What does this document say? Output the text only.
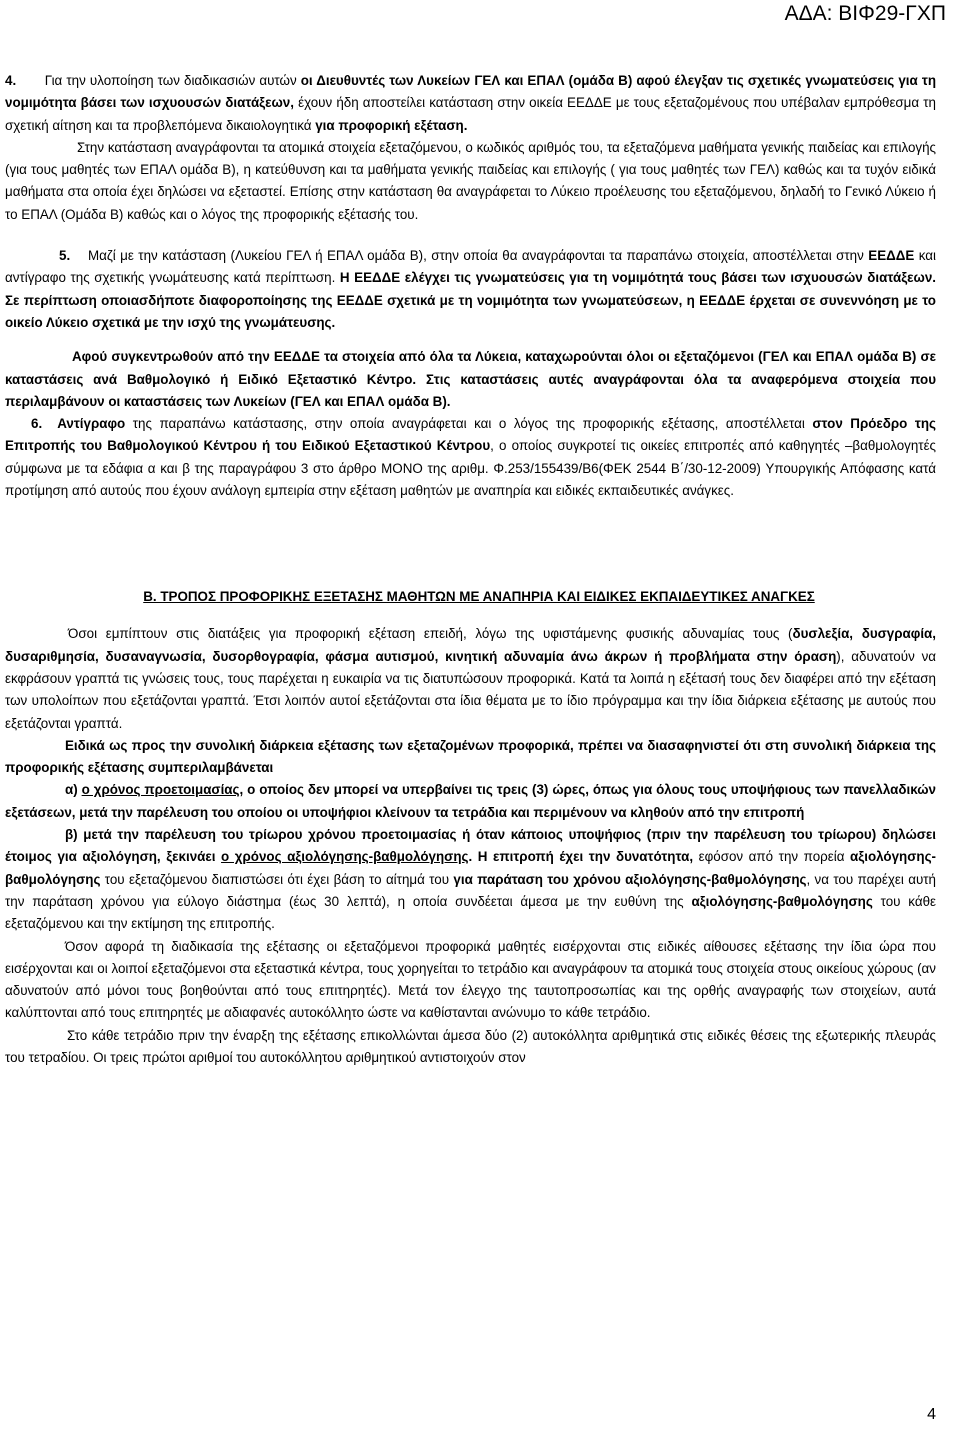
ΑΔΑ: ΒΙΦ29-ΓΧΠ

4. Για την υλοποίηση των διαδικασιών αυτών οι Διευθυντές των Λυκείων ΓΕΛ και ΕΠΑΛ (ομάδα Β) αφού έλεγξαν τις σχετικές γνωματεύσεις για τη νομιμότητα βάσει των ισχυουσών διατάξεων, έχουν ήδη αποστείλει κατάσταση στην οικεία ΕΕΔΔΕ με τους εξεταζομένους που υπέβαλαν εμπρόθεσμα τη σχετική αίτηση και τα προβλεπόμενα δικαιολογητικά για προφορική εξέταση.

Στην κατάσταση αναγράφονται τα ατομικά στοιχεία εξεταζόμενου, ο κωδικός αριθμός του, τα εξεταζόμενα μαθήματα γενικής παιδείας και επιλογής (για τους μαθητές των ΕΠΑΛ ομάδα Β), η κατεύθυνση και τα μαθήματα γενικής παιδείας και επιλογής ( για τους μαθητές των ΓΕΛ) καθώς και τα τυχόν ειδικά μαθήματα στα οποία έχει δηλώσει να εξεταστεί. Επίσης στην κατάσταση θα αναγράφεται το Λύκειο προέλευσης του εξεταζόμενου, δηλαδή το Γενικό Λύκειο ή το ΕΠΑΛ (Ομάδα Β) καθώς και ο λόγος της προφορικής εξέτασής του.

5. Μαζί με την κατάσταση (Λυκείου ΓΕΛ ή ΕΠΑΛ ομάδα Β), στην οποία θα αναγράφονται τα παραπάνω στοιχεία, αποστέλλεται στην ΕΕΔΔΕ και αντίγραφο της σχετικής γνωμάτευσης κατά περίπτωση. Η ΕΕΔΔΕ ελέγχει τις γνωματεύσεις για τη νομιμότητά τους βάσει των ισχυουσών διατάξεων. Σε περίπτωση οποιασδήποτε διαφοροποίησης της ΕΕΔΔΕ σχετικά με τη νομιμότητα των γνωματεύσεων, η ΕΕΔΔΕ έρχεται σε συνεννόηση με το οικείο Λύκειο σχετικά με την ισχύ της γνωμάτευσης.

Αφού συγκεντρωθούν από την ΕΕΔΔΕ τα στοιχεία από όλα τα Λύκεια, καταχωρούνται όλοι οι εξεταζόμενοι (ΓΕΛ και ΕΠΑΛ ομάδα Β) σε καταστάσεις ανά Βαθμολογικό ή Ειδικό Εξεταστικό Κέντρο. Στις καταστάσεις αυτές αναγράφονται όλα τα αναφερόμενα στοιχεία που περιλαμβάνουν οι καταστάσεις των Λυκείων (ΓΕΛ και ΕΠΑΛ ομάδα Β).

6. Αντίγραφο της παραπάνω κατάστασης, στην οποία αναγράφεται και ο λόγος της προφορικής εξέτασης, αποστέλλεται στον Πρόεδρο της Επιτροπής του Βαθμολογικού Κέντρου ή του Ειδικού Εξεταστικού Κέντρου, ο οποίος συγκροτεί τις οικείες επιτροπές από καθηγητές –βαθμολογητές σύμφωνα με τα εδάφια α και β της παραγράφου 3 στο άρθρο ΜΟΝΟ της αριθμ. Φ.253/155439/Β6(ΦΕΚ 2544 Β΄/30-12-2009) Υπουργικής Απόφασης κατά προτίμηση από αυτούς που έχουν ανάλογη εμπειρία στην εξέταση μαθητών με αναπηρία και ειδικές εκπαιδευτικές ανάγκες.

Β. ΤΡΟΠΟΣ ΠΡΟΦΟΡΙΚΗΣ ΕΞΕΤΑΣΗΣ ΜΑΘΗΤΩΝ ΜΕ ΑΝΑΠΗΡΙΑ ΚΑΙ ΕΙΔΙΚΕΣ ΕΚΠΑΙΔΕΥΤΙΚΕΣ ΑΝΑΓΚΕΣ

Όσοι εμπίπτουν στις διατάξεις για προφορική εξέταση επειδή, λόγω της υφιστάμενης φυσικής αδυναμίας τους (δυσλεξία, δυσγραφία, δυσαριθμησία, δυσαναγνωσία, δυσορθογραφία, φάσμα αυτισμού, κινητική αδυναμία άνω άκρων ή προβλήματα στην όραση), αδυνατούν να εκφράσουν γραπτά τις γνώσεις τους, τους παρέχεται η ευκαιρία να τις διατυπώσουν προφορικά. Κατά τα λοιπά η εξέτασή τους δεν διαφέρει από την εξέταση των υπολοίπων που εξετάζονται γραπτά. Έτσι λοιπόν αυτοί εξετάζονται στα ίδια θέματα με το ίδιο πρόγραμμα και την ίδια διάρκεια εξέτασης με αυτούς που εξετάζονται γραπτά.

Ειδικά ως προς την συνολική διάρκεια εξέτασης των εξεταζομένων προφορικά, πρέπει να διασαφηνιστεί ότι στη συνολική διάρκεια της προφορικής εξέτασης συμπεριλαμβάνεται

α) ο χρόνος προετοιμασίας, ο οποίος δεν μπορεί να υπερβαίνει τις τρεις (3) ώρες, όπως για όλους τους υποψήφιους των πανελλαδικών εξετάσεων, μετά την παρέλευση του οποίου οι υποψήφιοι κλείνουν τα τετράδια και περιμένουν να κληθούν από την επιτροπή

β) μετά την παρέλευση του τρίωρου χρόνου προετοιμασίας ή όταν κάποιος υποψήφιος (πριν την παρέλευση του τρίωρου) δηλώσει έτοιμος για αξιολόγηση, ξεκινάει ο χρόνος αξιολόγησης-βαθμολόγησης. Η επιτροπή έχει την δυνατότητα, εφόσον από την πορεία αξιολόγησης-βαθμολόγησης του εξεταζόμενου διαπιστώσει ότι έχει βάση το αίτημά του για παράταση του χρόνου αξιολόγησης-βαθμολόγησης, να του παρέχει αυτή την παράταση χρόνου για εύλογο διάστημα (έως 30 λεπτά), η οποία συνδέεται άμεσα με την ευθύνη της αξιολόγησης-βαθμολόγησης του κάθε εξεταζόμενου και την εκτίμηση της επιτροπής.

Όσον αφορά τη διαδικασία της εξέτασης οι εξεταζόμενοι προφορικά μαθητές εισέρχονται στις ειδικές αίθουσες εξέτασης την ίδια ώρα που εισέρχονται και οι λοιποί εξεταζόμενοι στα εξεταστικά κέντρα, τους χορηγείται το τετράδιο και αναγράφουν τα ατομικά τους στοιχεία στους οικείους χώρους (αν αδυνατούν από μόνοι τους βοηθούνται από τους επιτηρητές). Μετά τον έλεγχο της ταυτοπροσωπίας και της ορθής αναγραφής των στοιχείων, αυτά καλύπτονται από τους επιτηρητές με αδιαφανές αυτοκόλλητο ώστε να καθίστανται ανώνυμο το κάθε τετράδιο.

Στο κάθε τετράδιο πριν την έναρξη της εξέτασης επικολλώνται άμεσα δύο (2) αυτοκόλλητα αριθμητικά στις ειδικές θέσεις της εξωτερικής πλευράς του τετραδίου. Οι τρεις πρώτοι αριθμοί του αυτοκόλλητου αριθμητικού αντιστοιχούν στον

4
